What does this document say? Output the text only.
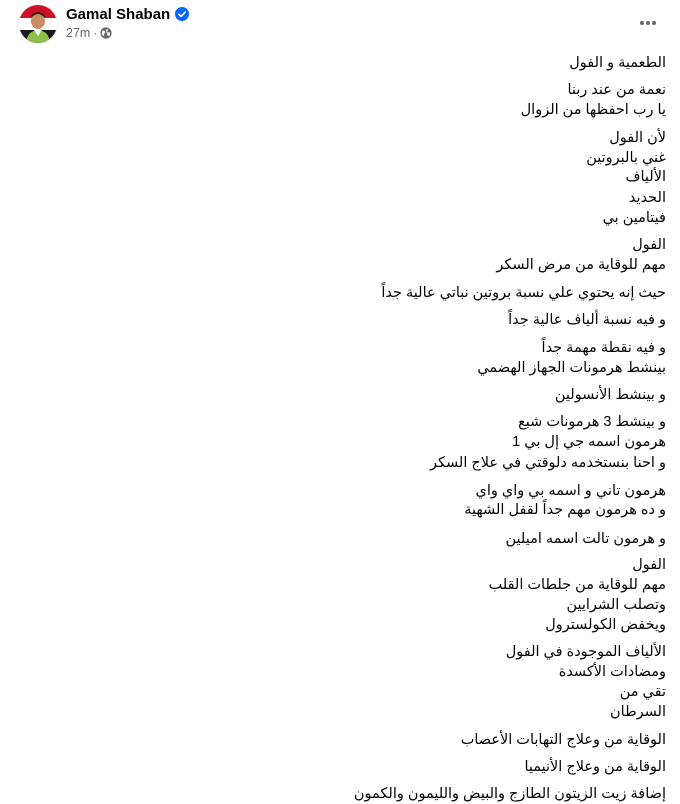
Gamal Shaban
27m ·
الطعمية و الفول
نعمة من عند ربنا
يا رب احفظها من الزوال
لأن الفول
غني بالبروتين
الألياف
الحديد
فيتامين بي
الفول
مهم للوقاية من مرض السكر
حيث إنه يحتوي علي نسبة بروتين نباتي عالية جداً
و فيه نسبة ألياف عالية جداً
و فيه نقطة مهمة جداً
بينشط هرمونات الجهاز الهضمي
و بينشط الأنسولين
و بينشط 3 هرمونات شبع
هرمون اسمه جي إل بي 1
و احنا بنستخدمه دلوقتي في علاج السكر
هرمون تاني و اسمه بي واي واي
و ده هرمون مهم جداً لقفل الشهية
و هرمون تالت اسمه اميلين
الفول
مهم للوقاية من جلطات القلب
وتصلب الشرايين
ويخفض الكولسترول
الألياف الموجودة في الفول
ومضادات الأكسدة
تقي من
السرطان
الوقاية من وعلاج التهابات الأعصاب
الوقاية من وعلاج الأنيميا
إضافة زيت الزيتون الطازج والبيض والليمون والكمون
